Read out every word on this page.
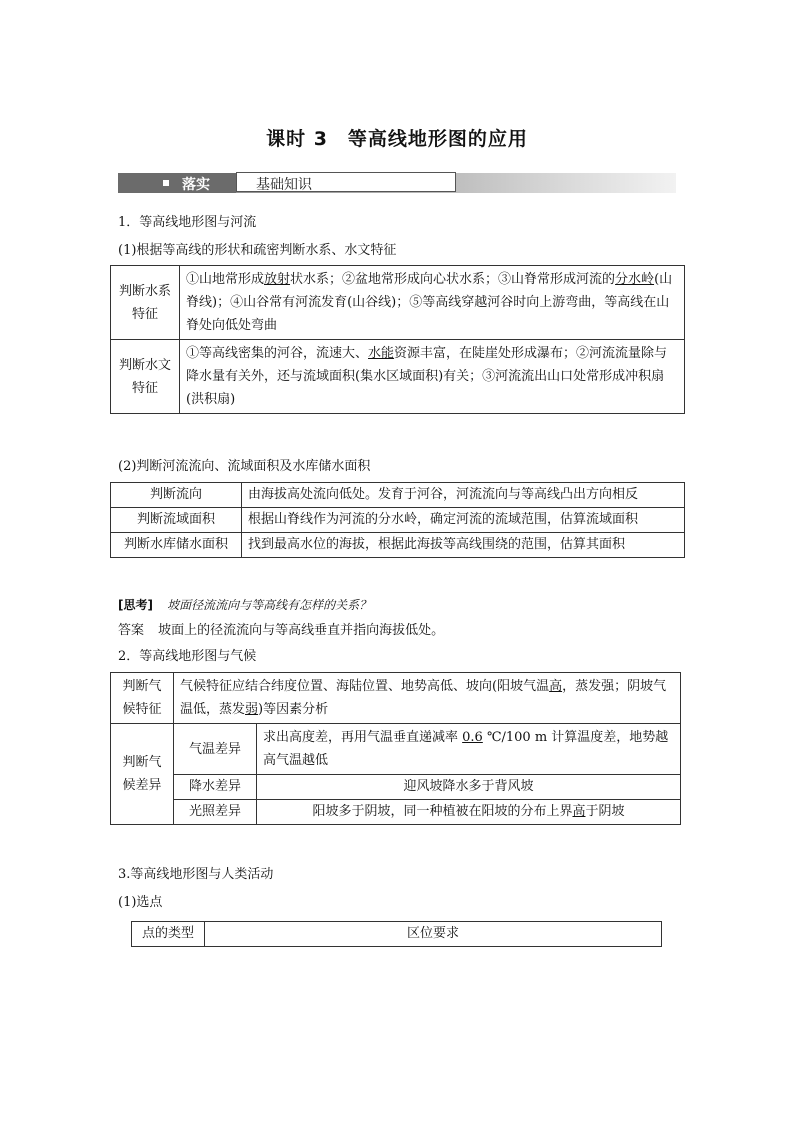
课时 3　等高线地形图的应用
落实	基础知识
1．等高线地形图与河流
(1)根据等高线的形状和疏密判断水系、水文特征
判断水系特征	①山地常形成放射状水系；②盆地常形成向心状水系；③山脊常形成河流的分水岭(山脊线)；④山谷常有河流发育(山谷线)；⑤等高线穿越河谷时向上游弯曲，等高线在山脊处向低处弯曲
判断水文特征	①等高线密集的河谷，流速大、水能资源丰富，在陡崖处形成瀑布；②河流流量除与降水量有关外，还与流域面积(集水区域面积)有关；③河流流出山口处常形成冲积扇(洪积扇)
(2)判断河流流向、流域面积及水库储水面积
判断流向	由海拔高处流向低处。发育于河谷，河流流向与等高线凸出方向相反
判断流域面积	根据山脊线作为河流的分水岭，确定河流的流域范围，估算流域面积
判断水库储水面积	找到最高水位的海拔，根据此海拔等高线围绕的范围，估算其面积
[思考] 坡面径流流向与等高线有怎样的关系？
答案 坡面上的径流流向与等高线垂直并指向海拔低处。
2．等高线地形图与气候
判断气候特征	气候特征应结合纬度位置、海陆位置、地势高低、坡向(阳坡气温高，蒸发强；阴坡气温低，蒸发弱)等因素分析	
判断气候差异	气温差异	求出高度差，再用气温垂直递减率 0.6 ℃/100 m 计算温度差，地势越高气温越低
	降水差异	迎风坡降水多于背风坡
	光照差异	阳坡多于阴坡，同一种植被在阳坡的分布上界高于阴坡
3.等高线地形图与人类活动
(1)选点
点的类型	区位要求
